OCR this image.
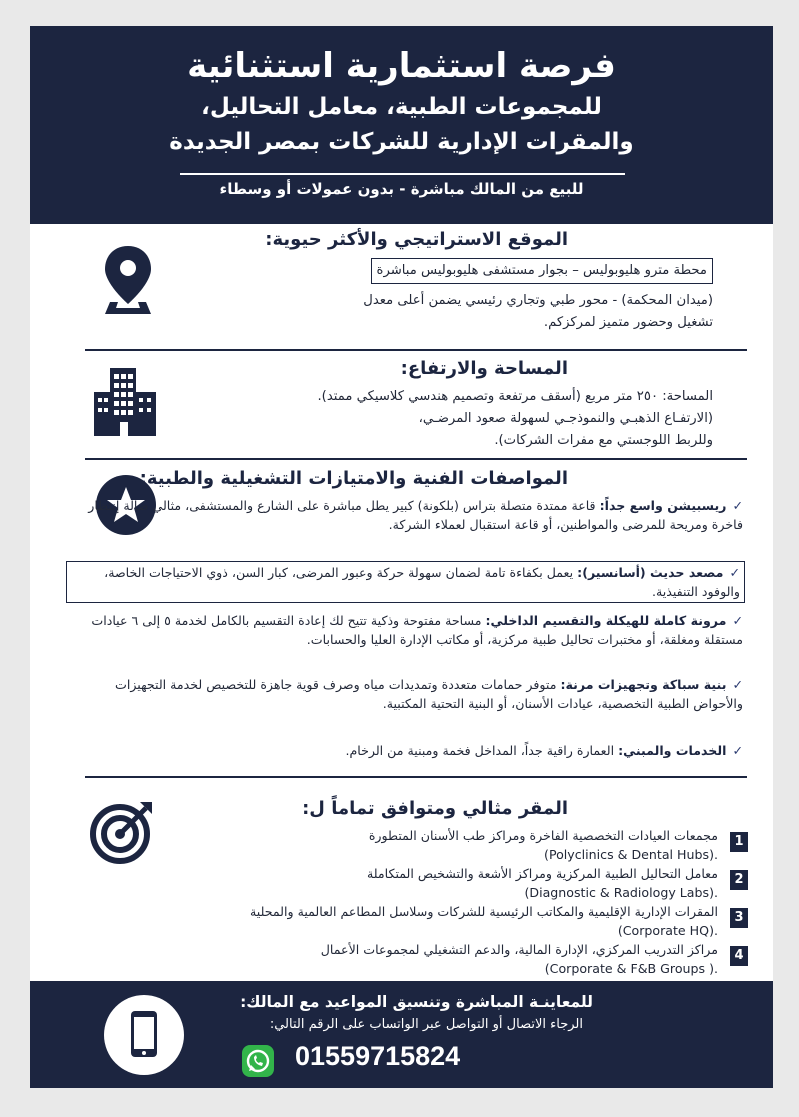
فرصة استثمارية استثنائية
للمجموعات الطبية، معامل التحاليل،
والمقرات الإدارية للشركات بمصر الجديدة
للبيع من المالك مباشرة - بدون عمولات أو وسطاء
الموقع الاستراتيجي والأكثر حيوية:
محطة مترو هليوبوليس – بجوار مستشفى هليوبوليس مباشرة
(ميدان المحكمة) - محور طبي وتجاري رئيسي يضمن أعلى معدل
تشغيل وحضور متميز لمركزكم.
المساحة والارتفاع:
المساحة: ٢٥٠ متر مربع (أسقف مرتفعة وتصميم هندسي كلاسيكي ممتد).
(الارتفـاع الذهبـي والنموذجـي لسهولة صعود المرضـي،
وللربط اللوجستي مع مفرات الشركات).
المواصفات الفنية والامتيازات التشغيلية والطبية:
✓ريسبيشن واسع جداً: قاعة ممتدة متصلة بتراس (بلكونة) كبير يطل مباشرة على الشارع والمستشفى، مثالي صالة إنتظار فاخرة ومريحة للمرضى والمواطنين، أو قاعة استقبال لعملاء الشركة.
✓مصعد حديث (أسانسير): يعمل بكفاءة تامة لضمان سهولة حركة وعبور المرضى، كبار السن، ذوي الاحتياجات الخاصة، والوفود التنفيذية.
✓مرونة كاملة للهيكلة والتقسيم الداخلي: مساحة مفتوحة وذكية تتيح لك إعادة التقسيم بالكامل لخدمة ٥ إلى ٦ عيادات مستقلة ومغلقة، أو مختبرات تحاليل طبية مركزية، أو مكاتب الإدارة العليا والحسابات.
✓بنية سباكة وتجهيزات مرنة: متوفر حمامات متعددة وتمديدات مياه وصرف قوية جاهزة للتخصيص لخدمة التجهيزات والأحواض الطبية التخصصية، عيادات الأسنان، أو البنية التحتية المكتبية.
✓الخدمات والمبني: العمارة راقية جداً، المداخل فخمة ومبنية من الرخام.
المقر مثالي ومتوافق تماماً ل:
1
مجمعات العيادات التخصصية الفاخرة ومراكز طب الأسنان المتطورة
(Polyclinics & Dental Hubs).
2
معامل التحاليل الطبية المركزية ومراكز الأشعة والتشخيص المتكاملة
(Diagnostic & Radiology Labs).
3
المقرات الإدارية الإقليمية والمكاتب الرئيسية للشركات وسلاسل المطاعم العالمية والمحلية
(Corporate HQ).
4
مراكز التدريب المركزي، الإدارة المالية، والدعم التشغيلي لمجموعات الأعمال
(Corporate & F&B Groups ).
للمعاينـة المباشرة وتنسيق المواعيد مع المالك:
الرجاء الاتصال أو التواصل عبر الواتساب على الرقم التالي:
01559715824
